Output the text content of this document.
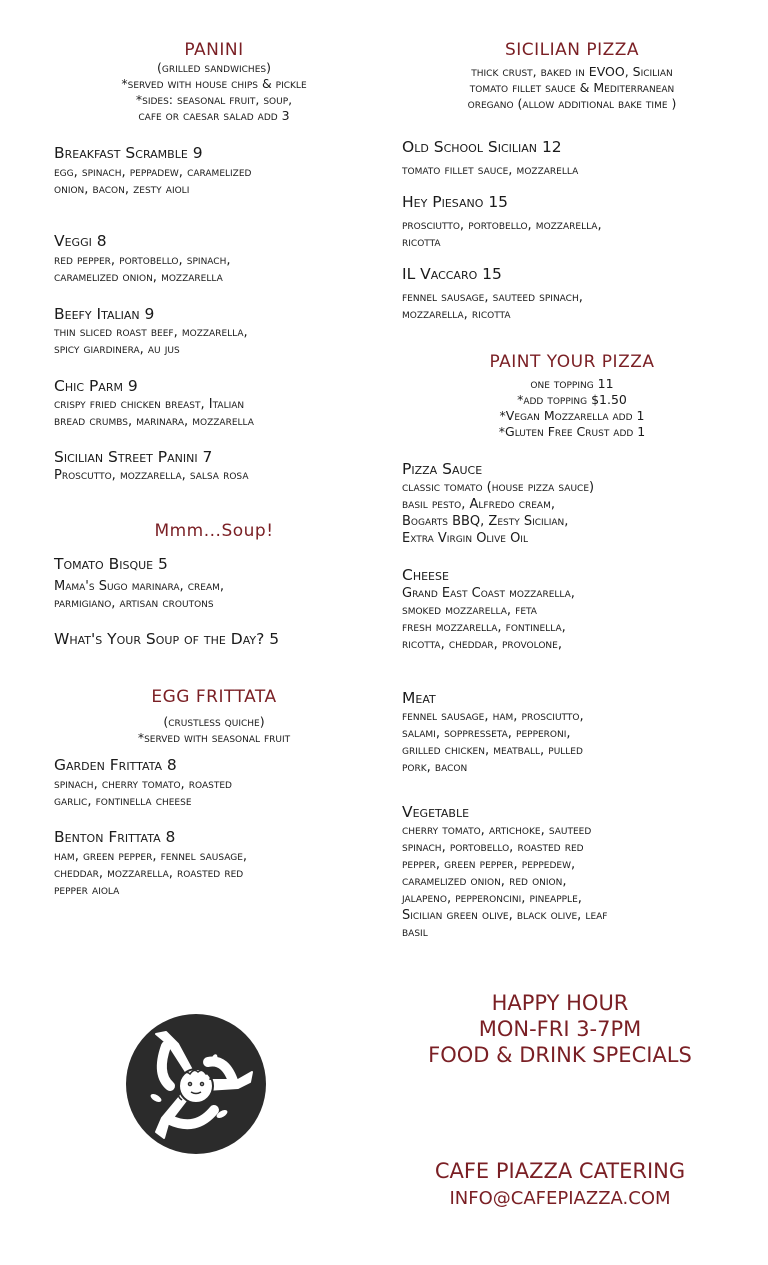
PANINI
(grilled sandwiches)
*served with house chips & pickle
*sides: seasonal fruit, soup,
cafe or caesar salad add 3
Breakfast Scramble 9
egg, spinach, peppadew, caramelized
onion, bacon, zesty aioli
Veggi 8
red pepper, portobello, spinach,
caramelized onion, mozzarella
Beefy Italian 9
thin sliced roast beef, mozzarella,
spicy giardinera, au jus
Chic Parm 9
crispy fried chicken breast, Italian
bread crumbs, marinara, mozzarella
Sicilian Street Panini 7
Proscutto, mozzarella, salsa rosa
Mmm...Soup!
Tomato Bisque 5
Mama's Sugo marinara, cream,
parmigiano, artisan croutons
What's Your Soup of the Day? 5
EGG FRITTATA
(crustless quiche)
*served with seasonal fruit
Garden Frittata 8
spinach, cherry tomato, roasted
garlic, fontinella cheese
Benton Frittata 8
ham, green pepper, fennel sausage,
cheddar, mozzarella, roasted red
pepper aiola
SICILIAN PIZZA
thick crust, baked in EVOO, Sicilian
tomato fillet sauce & Mediterranean
oregano (allow additional bake time )
Old School Sicilian 12
tomato fillet sauce, mozzarella
Hey Piesano 15
prosciutto, portobello, mozzarella,
ricotta
IL Vaccaro 15
fennel sausage, sauteed spinach,
mozzarella, ricotta
PAINT YOUR PIZZA
one topping 11
*add topping $1.50
*Vegan Mozzarella add 1
*Gluten Free Crust add 1
Pizza Sauce
classic tomato (house pizza sauce)
basil pesto, Alfredo cream,
Bogarts BBQ, Zesty Sicilian,
Extra Virgin Olive Oil
Cheese
Grand East Coast mozzarella,
smoked mozzarella, feta
fresh mozzarella, fontinella,
ricotta, cheddar, provolone,
Meat
fennel sausage, ham, prosciutto,
salami, soppresseta, pepperoni,
grilled chicken, meatball, pulled
pork, bacon
Vegetable
cherry tomato, artichoke, sauteed
spinach, portobello, roasted red
pepper, green pepper, peppedew,
caramelized onion, red onion,
jalapeno, pepperoncini, pineapple,
Sicilian green olive, black olive, leaf
basil
HAPPY HOUR
MON-FRI 3-7PM
FOOD & DRINK SPECIALS
CAFE PIAZZA CATERING
INFO@CAFEPIAZZA.COM
